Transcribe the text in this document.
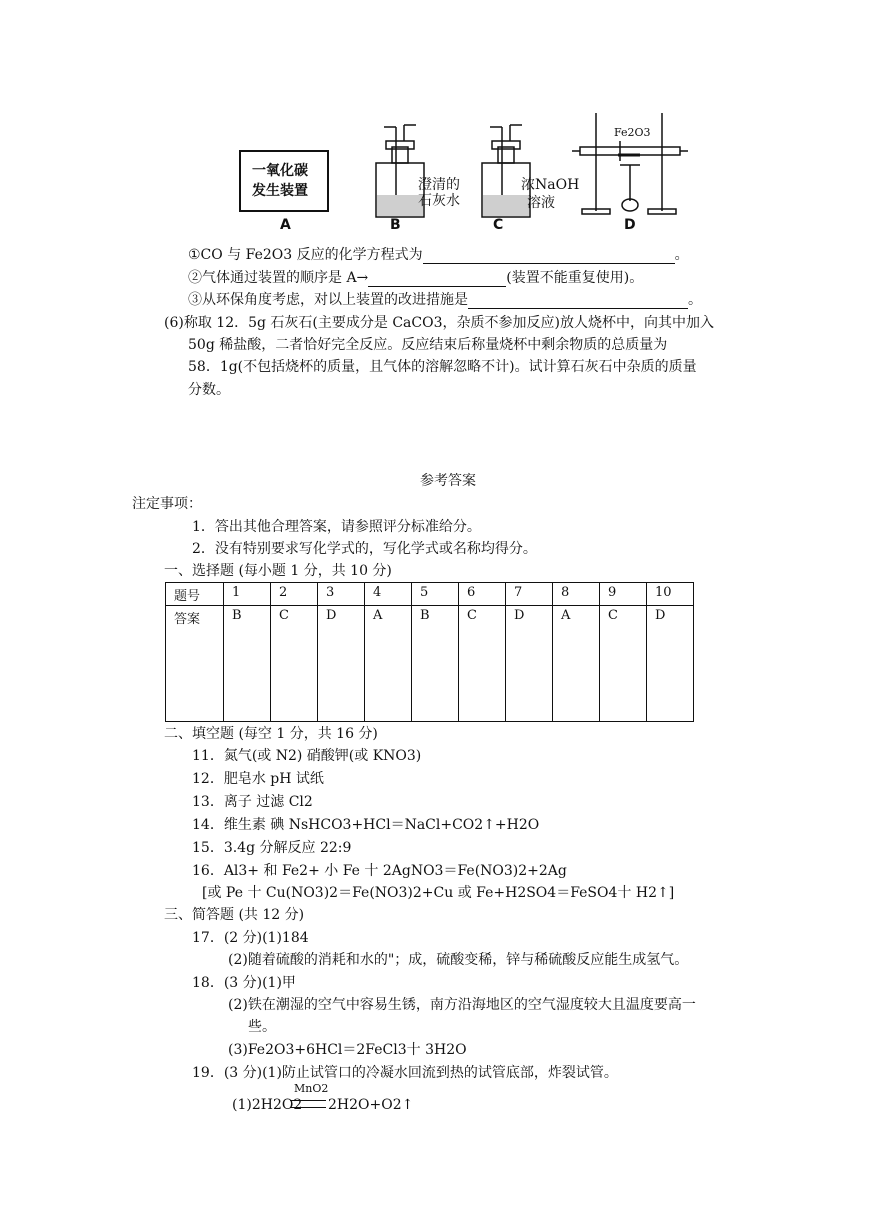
一氧化碳
发生装置	澄清的
石灰水
浓NaOH
溶液
Fe2O3
A	B	C	D
①CO 与 Fe2O3 反应的化学方程式为	。
②气体通过装置的顺序是 A→	(装置不能重复使用)。
③从环保角度考虑，对以上装置的改进措施是	。
(6)称取 12．5g 石灰石(主要成分是 CaCO3，杂质不参加反应)放人烧杯中，向其中加入
50g 稀盐酸，二者恰好完全反应。反应结束后称量烧杯中剩余物质的总质量为
58．1g(不包括烧杯的质量，且气体的溶解忽略不计)。试计算石灰石中杂质的质量
分数。
参考答案
注定事项：
1．答出其他合理答案，请参照评分标准给分。
2．没有特别要求写化学式的，写化学式或名称均得分。
一、选择题 (每小题 1 分，共 10 分)
题号	1	2	3	4	5	6	7	8	9	10
答案	B	C	D	A	B	C	D	A	C	D
二、填空题 (每空 1 分，共 16 分)
11．氮气(或 N2) 硝酸钾(或 KNO3)
12．肥皂水 pH 试纸
13．离子 过滤 Cl2
14．维生素 碘 NsHCO3+HCl＝NaCl+CO2↑+H2O
15．3.4g 分解反应 22:9
16．Al3+ 和 Fe2+ 小 Fe 十 2AgNO3＝Fe(NO3)2+2Ag
[或 Pe 十 Cu(NO3)2＝Fe(NO3)2+Cu 或 Fe+H2SO4＝FeSO4十 H2↑]
三、简答题 (共 12 分)
17．(2 分)(1)184
(2)随着硫酸的消耗和水的"；成，硫酸变稀，锌与稀硫酸反应能生成氢气。
18．(3 分)(1)甲
(2)铁在潮湿的空气中容易生锈，南方沿海地区的空气湿度较大且温度要高一
些。
(3)Fe2O3+6HCl＝2FeCl3十 3H2O
19．(3 分)(1)防止试管口的冷凝水回流到热的试管底部，炸裂试管。
MnO2
(1)2H2O2 2H2O+O2↑
